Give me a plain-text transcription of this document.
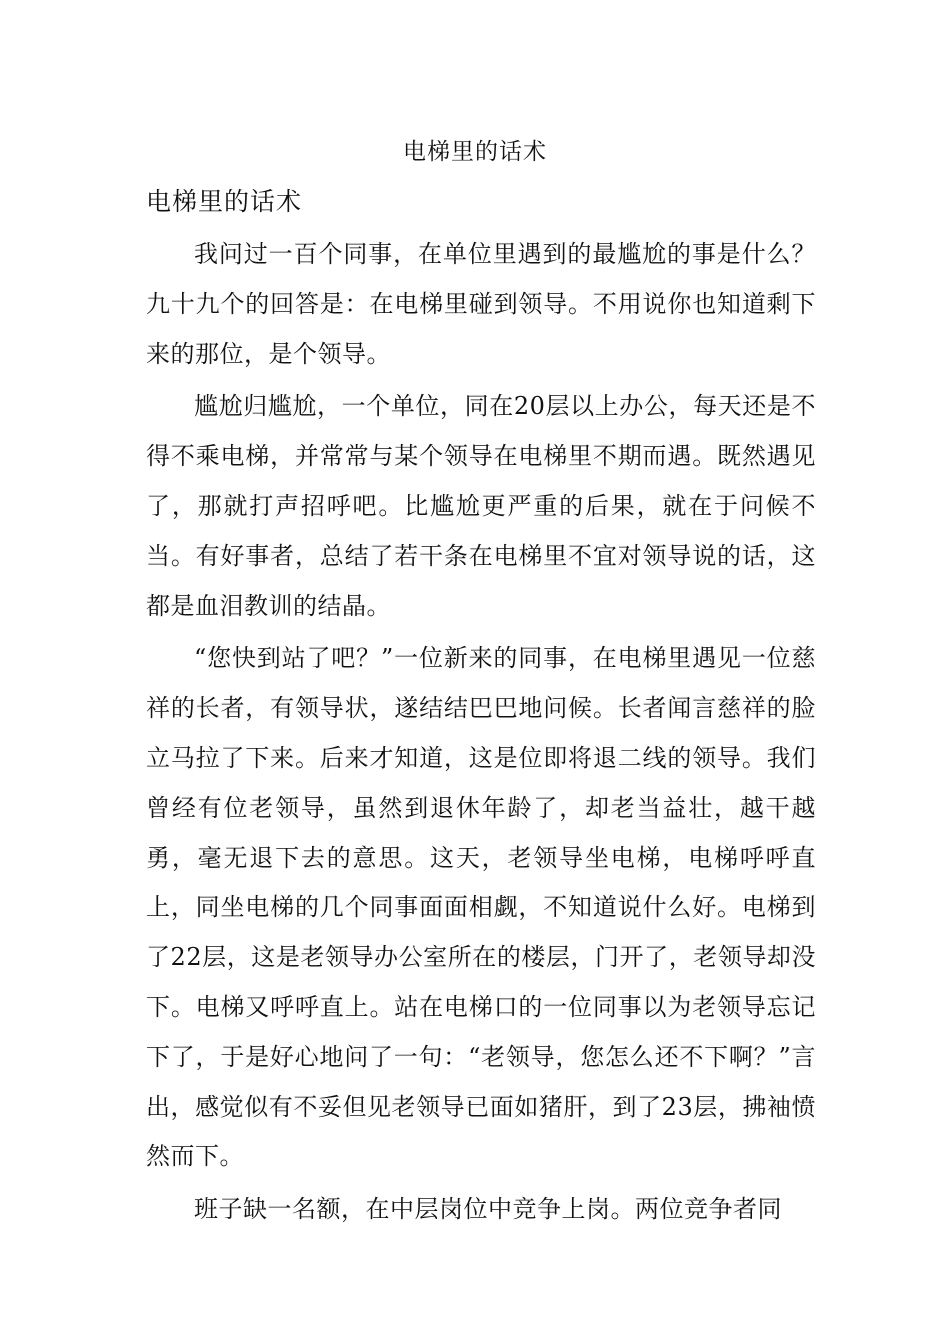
电梯里的话术
电梯里的话术

我问过一百个同事，在单位里遇到的最尴尬的事是什么？九十九个的回答是：在电梯里碰到领导。不用说你也知道剩下来的那位，是个领导。

尴尬归尴尬，一个单位，同在20层以上办公，每天还是不得不乘电梯，并常常与某个领导在电梯里不期而遇。既然遇见了，那就打声招呼吧。比尴尬更严重的后果，就在于问候不当。有好事者，总结了若干条在电梯里不宜对领导说的话，这都是血泪教训的结晶。

“您快到站了吧？”一位新来的同事，在电梯里遇见一位慈祥的长者，有领导状，遂结结巴巴地问候。长者闻言慈祥的脸立马拉了下来。后来才知道，这是位即将退二线的领导。我们曾经有位老领导，虽然到退休年龄了，却老当益壮，越干越勇，毫无退下去的意思。这天，老领导坐电梯，电梯呼呼直上，同坐电梯的几个同事面面相觑，不知道说什么好。电梯到了22层，这是老领导办公室所在的楼层，门开了，老领导却没下。电梯又呼呼直上。站在电梯口的一位同事以为老领导忘记下了，于是好心地问了一句：“老领导，您怎么还不下啊？”言出，感觉似有不妥但见老领导已面如猪肝，到了23层，拂袖愤然而下。

班子缺一名额，在中层岗位中竞争上岗。两位竞争者同
